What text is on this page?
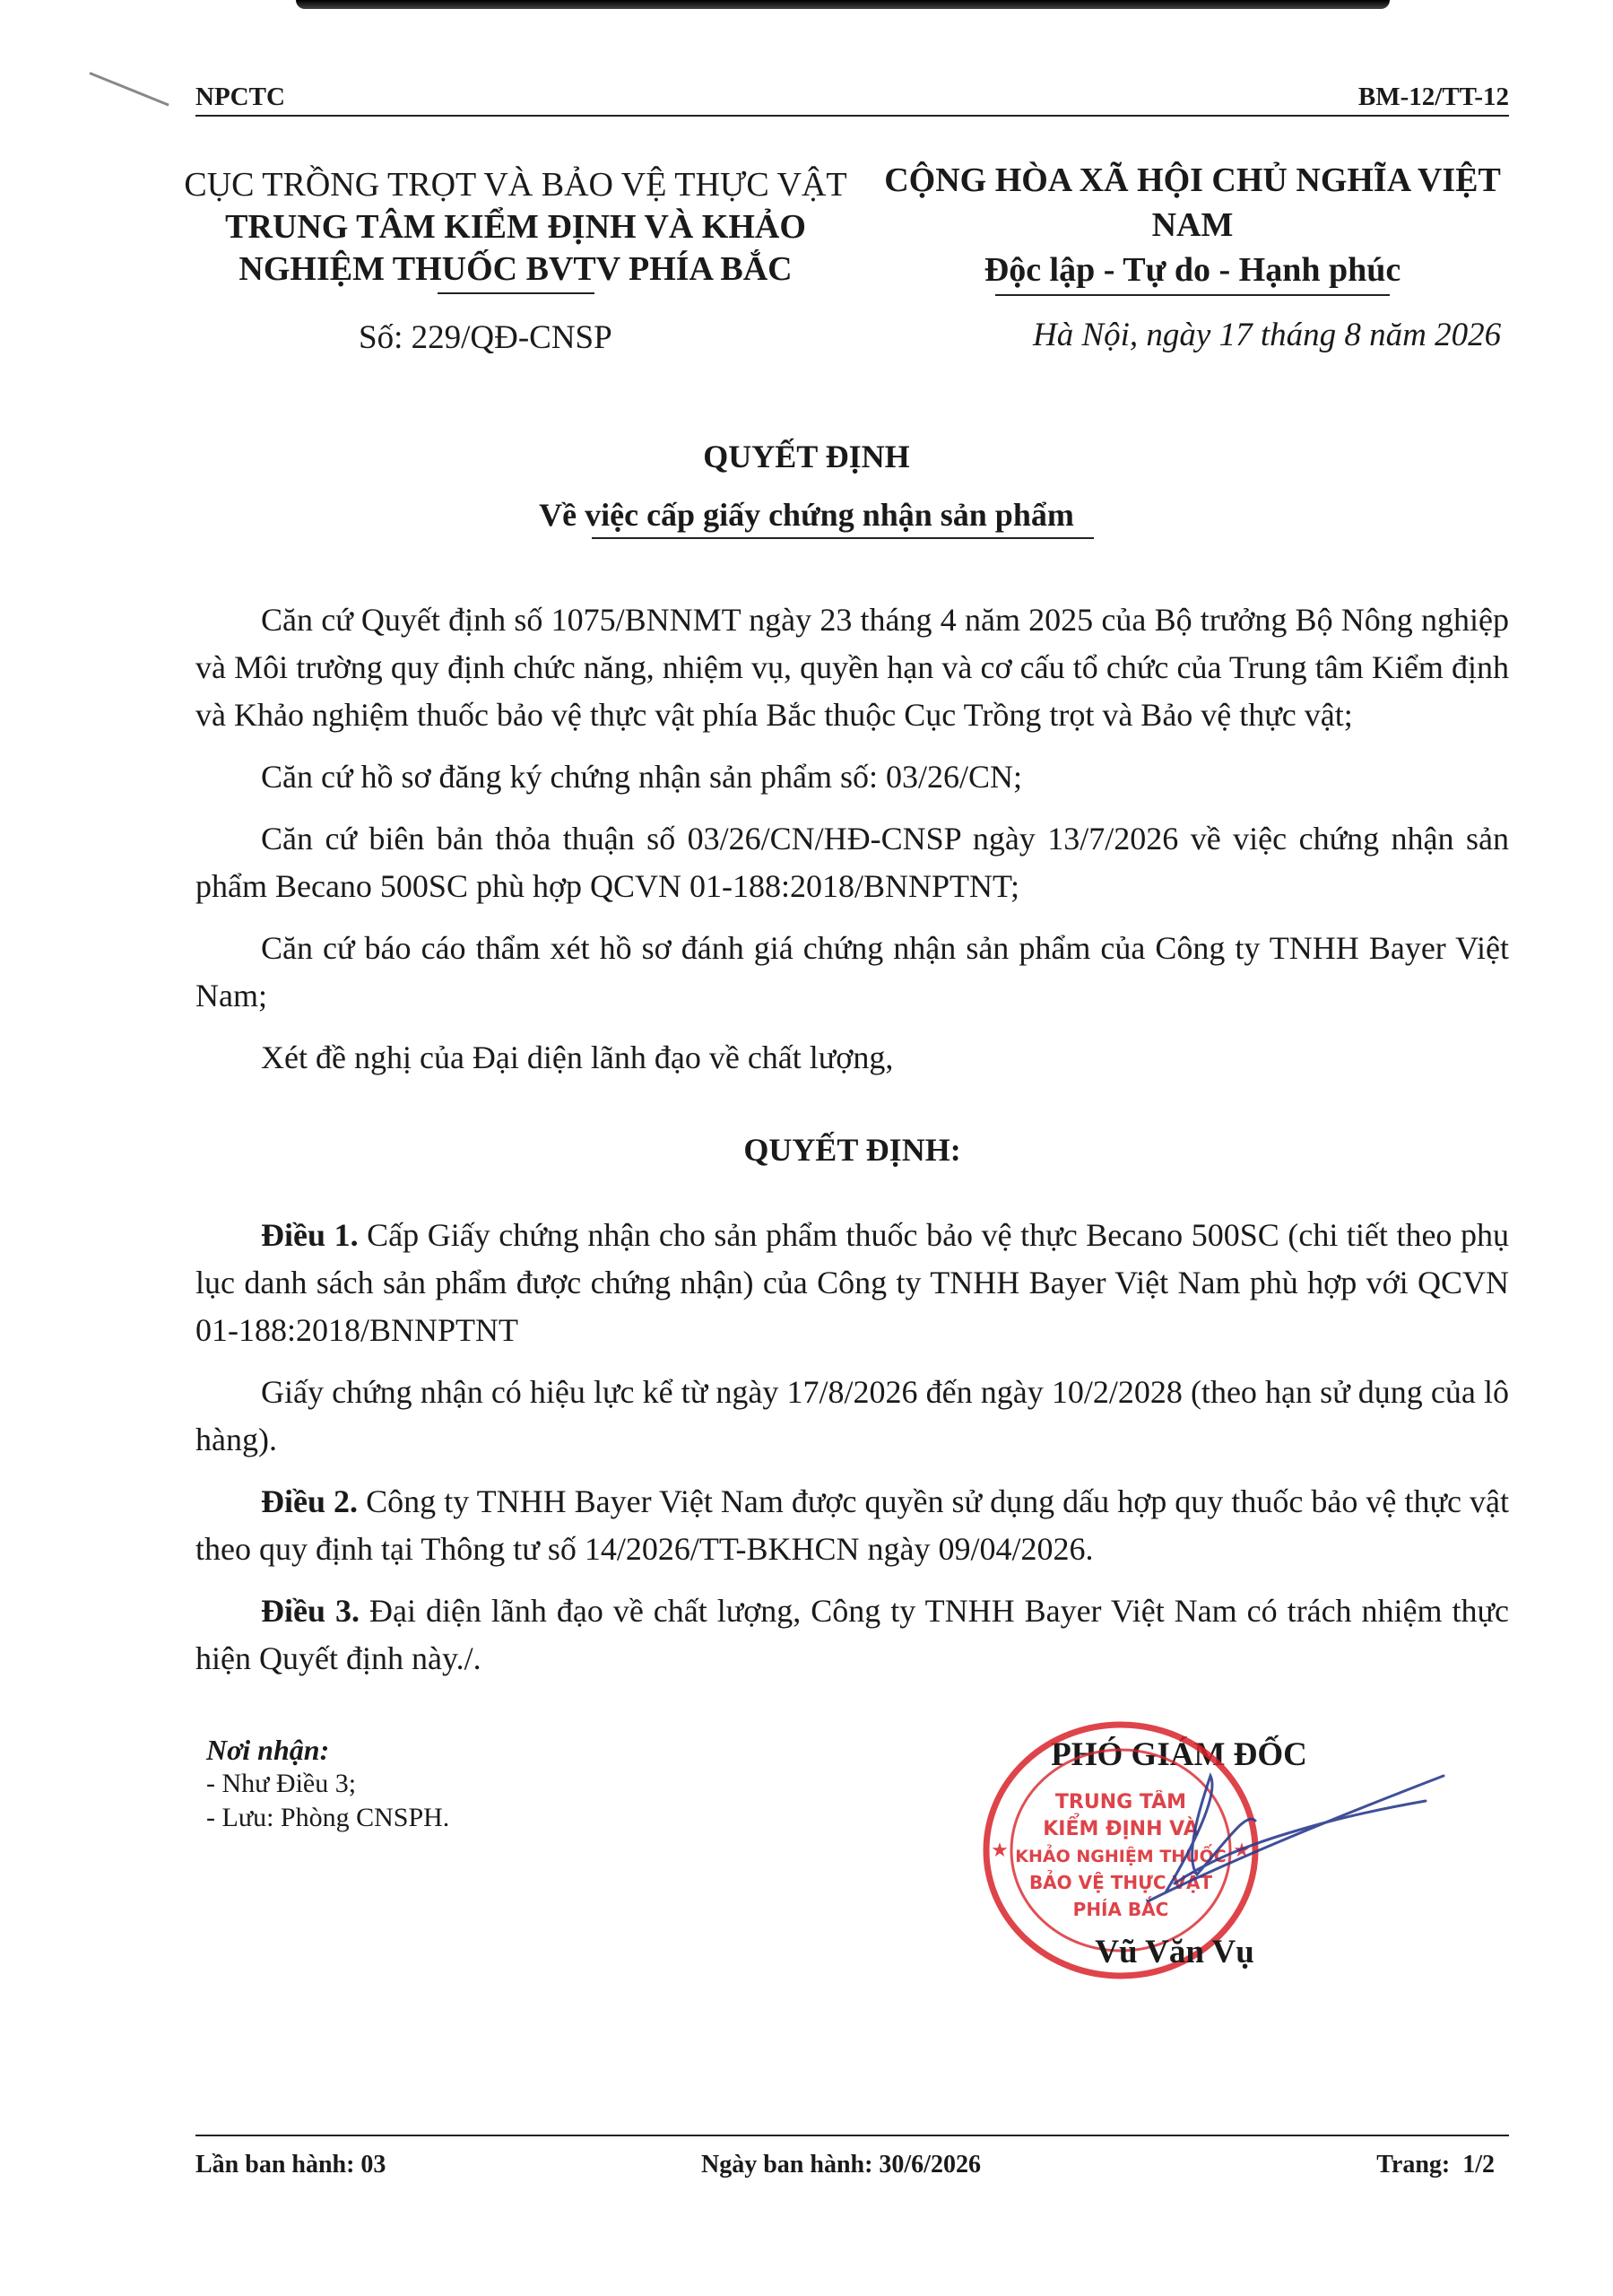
NPCTC	BM-12/TT-12
CỤC TRỒNG TRỌT VÀ BẢO VỆ THỰC VẬT
TRUNG TÂM KIỂM ĐỊNH VÀ KHẢO
NGHIỆM THUỐC BVTV PHÍA BẮC
CỘNG HÒA XÃ HỘI CHỦ NGHĨA VIỆT NAM
Độc lập - Tự do - Hạnh phúc
Số: 229/QĐ-CNSP	Hà Nội, ngày 17 tháng 8 năm 2026
QUYẾT ĐỊNH
Về việc cấp giấy chứng nhận sản phẩm

Căn cứ Quyết định số 1075/BNNMT ngày 23 tháng 4 năm 2025 của Bộ trưởng Bộ Nông nghiệp và Môi trường quy định chức năng, nhiệm vụ, quyền hạn và cơ cấu tổ chức của Trung tâm Kiểm định và Khảo nghiệm thuốc bảo vệ thực vật phía Bắc thuộc Cục Trồng trọt và Bảo vệ thực vật;

Căn cứ hồ sơ đăng ký chứng nhận sản phẩm số: 03/26/CN;

Căn cứ biên bản thỏa thuận số 03/26/CN/HĐ-CNSP ngày 13/7/2026 về việc chứng nhận sản phẩm Becano 500SC phù hợp QCVN 01-188:2018/BNNPTNT;

Căn cứ báo cáo thẩm xét hồ sơ đánh giá chứng nhận sản phẩm của Công ty TNHH Bayer Việt Nam;

Xét đề nghị của Đại diện lãnh đạo về chất lượng,

QUYẾT ĐỊNH:

Điều 1. Cấp Giấy chứng nhận cho sản phẩm thuốc bảo vệ thực Becano 500SC (chi tiết theo phụ lục danh sách sản phẩm được chứng nhận) của Công ty TNHH Bayer Việt Nam phù hợp với QCVN 01-188:2018/BNNPTNT

Giấy chứng nhận có hiệu lực kể từ ngày 17/8/2026 đến ngày 10/2/2028 (theo hạn sử dụng của lô hàng).

Điều 2. Công ty TNHH Bayer Việt Nam được quyền sử dụng dấu hợp quy thuốc bảo vệ thực vật theo quy định tại Thông tư số 14/2026/TT-BKHCN ngày 09/04/2026.

Điều 3. Đại diện lãnh đạo về chất lượng, Công ty TNHH Bayer Việt Nam có trách nhiệm thực hiện Quyết định này./.

Nơi nhận:
- Như Điều 3;
- Lưu: Phòng CNSPH.
PHÓ GIÁM ĐỐC
TRUNG TÂM
KIỂM ĐỊNH VÀ
KHẢO NGHIỆM THUỐC
BẢO VỆ THỰC VẬT
PHÍA BẮC
★	★
Vũ Văn Vụ
Lần ban hành: 03	Ngày ban hành: 30/6/2026	Trang:  1/2
